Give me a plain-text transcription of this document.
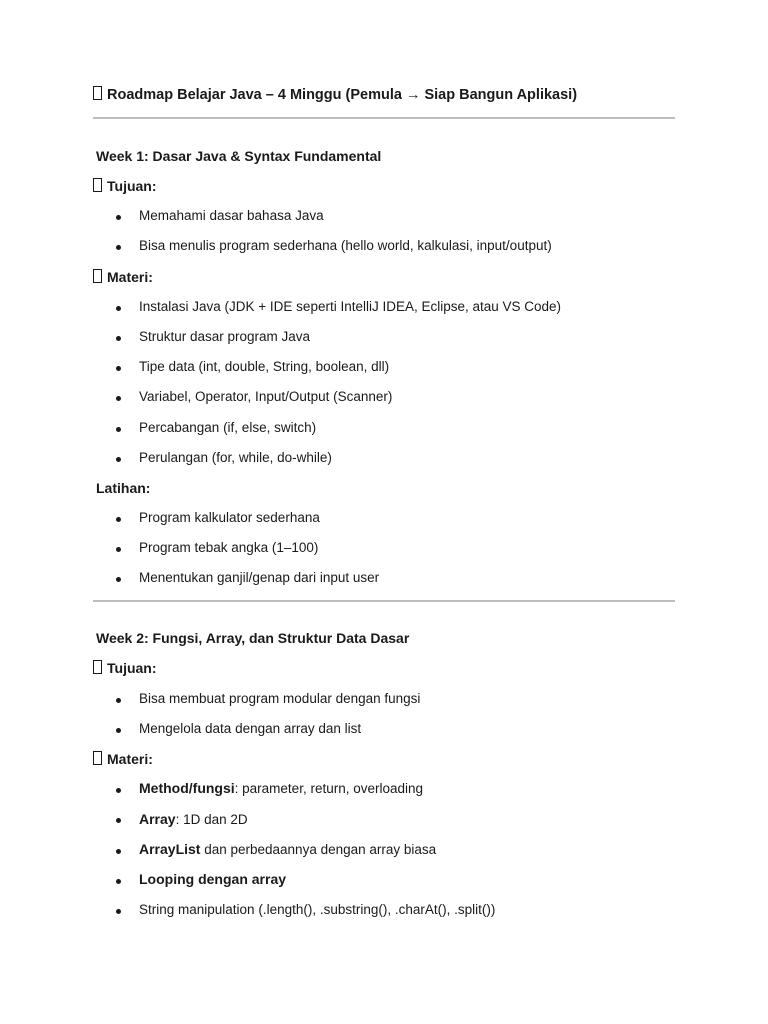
Roadmap Belajar Java – 4 Minggu (Pemula → Siap Bangun Aplikasi)
Week 1: Dasar Java & Syntax Fundamental
Tujuan:
Memahami dasar bahasa Java
Bisa menulis program sederhana (hello world, kalkulasi, input/output)
Materi:
Instalasi Java (JDK + IDE seperti IntelliJ IDEA, Eclipse, atau VS Code)
Struktur dasar program Java
Tipe data (int, double, String, boolean, dll)
Variabel, Operator, Input/Output (Scanner)
Percabangan (if, else, switch)
Perulangan (for, while, do-while)
Latihan:
Program kalkulator sederhana
Program tebak angka (1–100)
Menentukan ganjil/genap dari input user
Week 2: Fungsi, Array, dan Struktur Data Dasar
Tujuan:
Bisa membuat program modular dengan fungsi
Mengelola data dengan array dan list
Materi:
Method/fungsi: parameter, return, overloading
Array: 1D dan 2D
ArrayList dan perbedaannya dengan array biasa
Looping dengan array
String manipulation (.length(), .substring(), .charAt(), .split())
